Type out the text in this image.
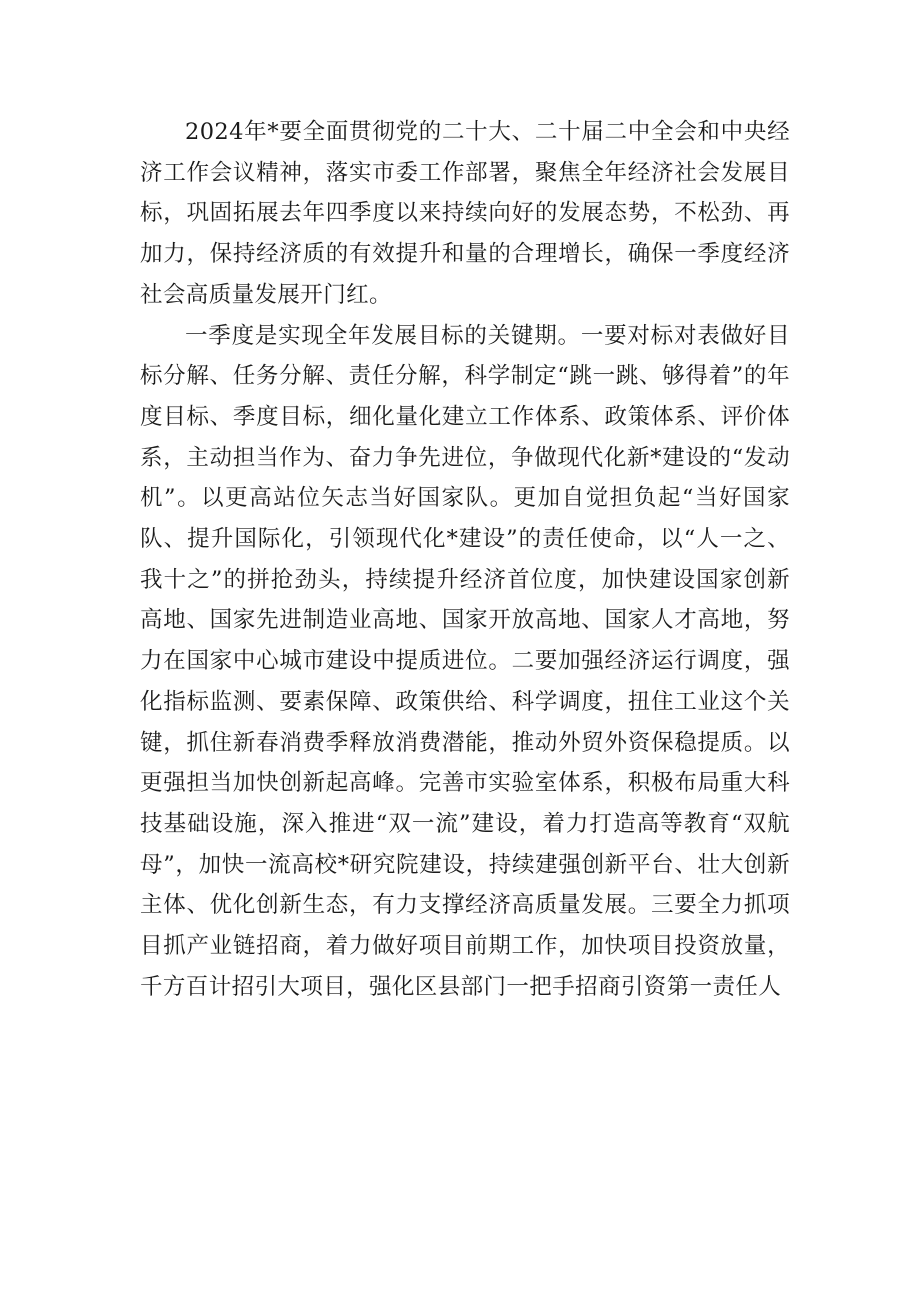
2024年*要全面贯彻党的二十大、二十届二中全会和中央经济工作会议精神，落实市委工作部署，聚焦全年经济社会发展目标，巩固拓展去年四季度以来持续向好的发展态势，不松劲、再加力，保持经济质的有效提升和量的合理增长，确保一季度经济社会高质量发展开门红。

一季度是实现全年发展目标的关键期。一要对标对表做好目标分解、任务分解、责任分解，科学制定“跳一跳、够得着”的年度目标、季度目标，细化量化建立工作体系、政策体系、评价体系，主动担当作为、奋力争先进位，争做现代化新*建设的“发动机”。以更高站位矢志当好国家队。更加自觉担负起“当好国家队、提升国际化，引领现代化*建设”的责任使命，以“人一之、我十之”的拼抢劲头，持续提升经济首位度，加快建设国家创新高地、国家先进制造业高地、国家开放高地、国家人才高地，努力在国家中心城市建设中提质进位。二要加强经济运行调度，强化指标监测、要素保障、政策供给、科学调度，扭住工业这个关键，抓住新春消费季释放消费潜能，推动外贸外资保稳提质。以更强担当加快创新起高峰。完善市实验室体系，积极布局重大科技基础设施，深入推进“双一流”建设，着力打造高等教育“双航母”，加快一流高校*研究院建设，持续建强创新平台、壮大创新主体、优化创新生态，有力支撑经济高质量发展。三要全力抓项目抓产业链招商，着力做好项目前期工作，加快项目投资放量，千方百计招引大项目，强化区县部门一把手招商引资第一责任人
